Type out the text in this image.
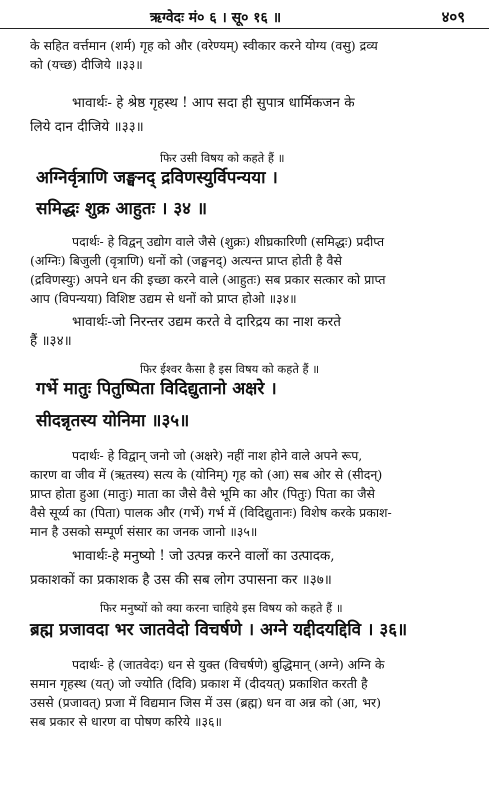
ऋग्वेदः मं० ६ । सू० १६ ॥	४०९
के सहित वर्त्तमान (शर्म) गृह को और (वरेण्यम्) स्वीकार करने योग्य (वसु) द्रव्य
को (यच्छ) दीजिये ॥३३॥
भावार्थः- हे श्रेष्ठ गृहस्थ ! आप सदा ही सुपात्र धार्मिकजन के
लिये दान दीजिये ॥३३॥
फिर उसी विषय को कहते हैं ॥
अग्निर्वृत्राणि जङ्घनद् द्रविणस्युर्विपन्यया ।
समिद्धः शुक्र आहुतः । ३४ ॥
पदार्थः- हे विद्वन् उद्योग वाले जैसे (शुक्रः) शीघ्रकारिणी (समिद्धः) प्रदीप्त
(अग्निः) बिजुली (वृत्राणि) धनों को (जङ्घनद्) अत्यन्त प्राप्त होती है वैसे
(द्रविणस्युः) अपने धन की इच्छा करने वाले (आहुतः) सब प्रकार सत्कार को प्राप्त
आप (विपन्यया) विशिष्ट उद्यम से धनों को प्राप्त होओ ॥३४॥
भावार्थः-जो निरन्तर उद्यम करते वे दारिद्रय का नाश करते
हैं ॥३४॥
फिर ईश्वर कैसा है इस विषय को कहते हैं ॥
गर्भे मातुः पितुष्पिता विदिद्युतानो अक्षरे ।
सीदन्नृतस्य योनिमा ॥३५॥
पदार्थः- हे विद्वान् जनो जो (अक्षरे) नहीं नाश होने वाले अपने रूप,
कारण वा जीव में (ऋतस्य) सत्य के (योनिम्) गृह को (आ) सब ओर से (सीदन्)
प्राप्त होता हुआ (मातुः) माता का जैसे वैसे भूमि का और (पितुः) पिता का जैसे
वैसे सूर्य्य का (पिता) पालक और (गर्भे) गर्भ में (विदिद्युतानः) विशेष करके प्रकाश-
मान है उसको सम्पूर्ण संसार का जनक जानो ॥३५॥
भावार्थः-हे मनुष्यो ! जो उत्पन्न करने वालों का उत्पादक,
प्रकाशकों का प्रकाशक है उस की सब लोग उपासना कर ॥३७॥
फिर मनुष्यों को क्या करना चाहिये इस विषय को कहते हैं ॥
ब्रह्म प्रजावदा भर जातवेदो विचर्षणे । अग्ने यद्दीदयद्दिवि । ३६॥
पदार्थः- हे (जातवेदः) धन से युक्त (विचर्षणे) बुद्धिमान् (अग्ने) अग्नि के
समान गृहस्थ (यत्) जो ज्योति (दिवि) प्रकाश में (दीदयत्) प्रकाशित करती है
उससे (प्रजावत्) प्रजा में विद्यमान जिस में उस (ब्रह्म) धन वा अन्न को (आ, भर)
सब प्रकार से धारण वा पोषण करिये ॥३६॥
